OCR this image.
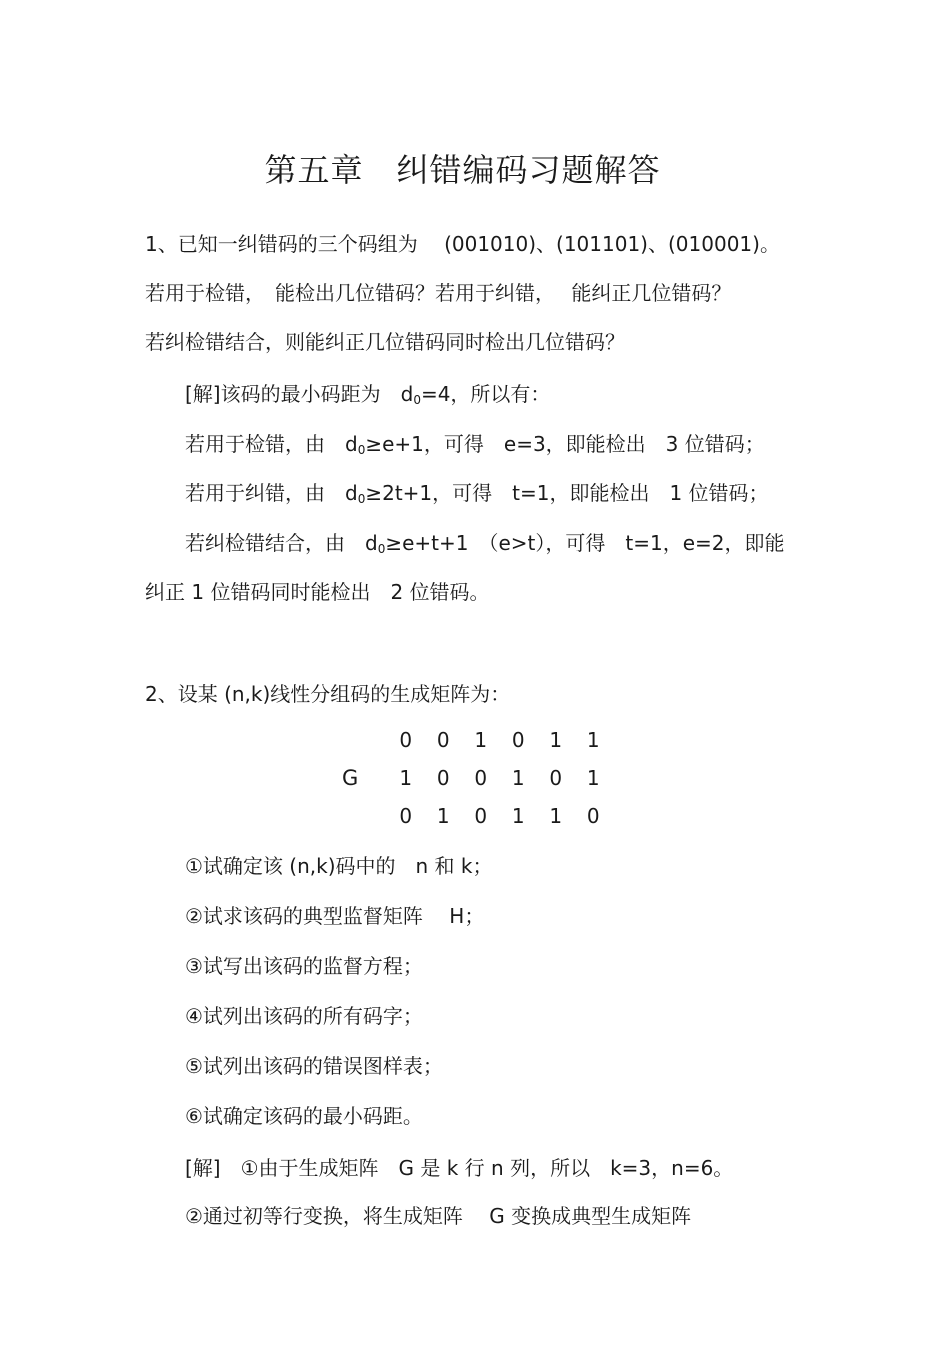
第五章　纠错编码习题解答
1、已知一纠错码的三个码组为　 (001010)、(101101)、(010001)。
若用于检错，　能检出几位错码？若用于纠错，　 能纠正几位错码？
若纠检错结合，则能纠正几位错码同时检出几位错码？
[解]该码的最小码距为　$d_0=4$，所以有：
若用于检错，由　$d_0\ge e+1$，可得　e=3，即能检出　3 位错码；
若用于纠错，由　$d_0\ge 2t+1$，可得　t=1，即能检出　1 位错码；
若纠检错结合，由　$d_0\ge e+t+1$　（e>t），可得　t=1，e=2，即能
纠正 1 位错码同时能检出　2 位错码。
2、设某 (n,k)线性分组码的生成矩阵为：
G
0 0 1 0 1 1
1 0 0 1 0 1
0 1 0 1 1 0
①试确定该 (n,k)码中的　n 和 k；
②试求该码的典型监督矩阵　 H；
③试写出该码的监督方程；
④试列出该码的所有码字；
⑤试列出该码的错误图样表；
⑥试确定该码的最小码距。
[解]　①由于生成矩阵　G 是 k 行 n 列，所以　k=3，n=6。
②通过初等行变换，将生成矩阵　 G 变换成典型生成矩阵
